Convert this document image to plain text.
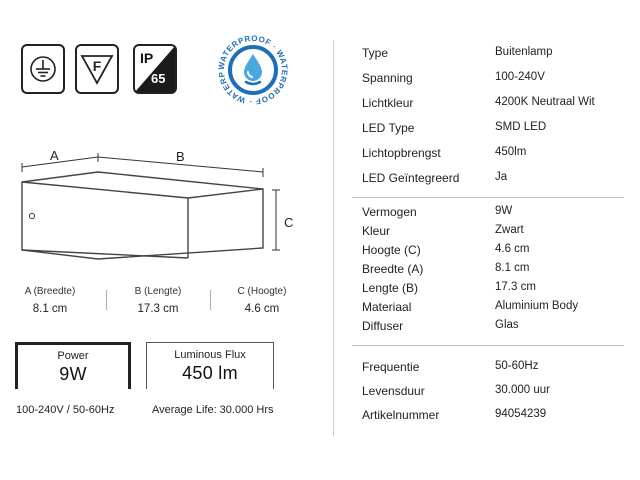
F	IP
65
WATERPROOF · WATERPROOF · WATERP
A	B
C
A (Breedte)
8.1 cm
B (Lengte)
17.3 cm
C (Hoogte)
4.6 cm
Power
9W
Luminous Flux
450 lm
100-240V / 50-60Hz	Average Life: 30.000 Hrs
Type	Buitenlamp
Spanning	100-240V
Lichtkleur	4200K Neutraal Wit
LED Type	SMD LED
Lichtopbrengst	450lm
LED Geïntegreerd	Ja
Vermogen	9W
Kleur	Zwart
Hoogte (C)	4.6 cm
Breedte (A)	8.1 cm
Lengte (B)	17.3 cm
Materiaal	Aluminium Body
Diffuser	Glas
Frequentie	50-60Hz
Levensduur	30.000 uur
Artikelnummer	94054239
